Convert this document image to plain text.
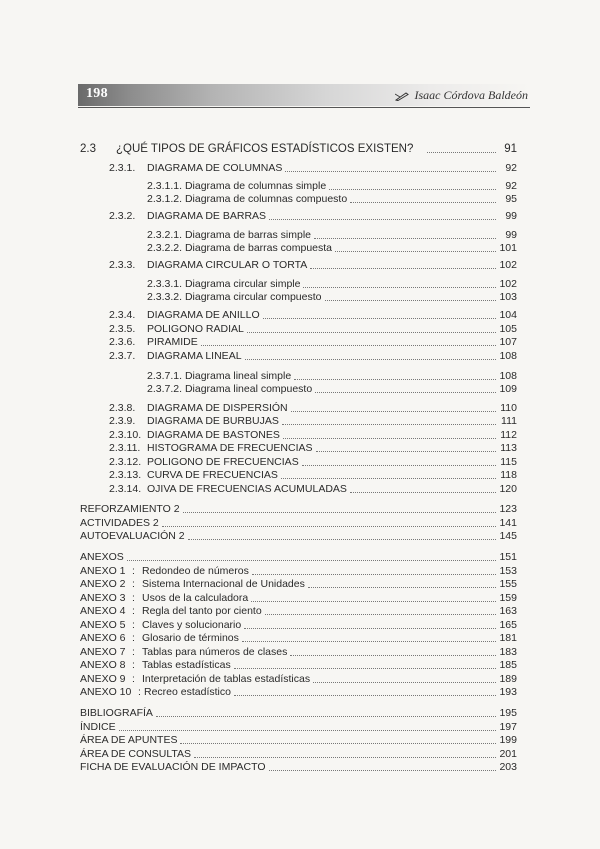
198	Isaac Córdova Baldeón
2.3	¿QUÉ TIPOS DE GRÁFICOS ESTADÍSTICOS EXISTEN?	91
2.3.1.	DIAGRAMA DE COLUMNAS	92
2.3.1.1. Diagrama de columnas simple	92
2.3.1.2. Diagrama de columnas compuesto	95
2.3.2.	DIAGRAMA DE BARRAS	99
2.3.2.1. Diagrama de barras simple	99
2.3.2.2. Diagrama de barras compuesta	101
2.3.3.	DIAGRAMA CIRCULAR O TORTA	102
2.3.3.1. Diagrama circular simple	102
2.3.3.2. Diagrama circular compuesto	103
2.3.4.	DIAGRAMA DE ANILLO	104
2.3.5.	POLIGONO RADIAL	105
2.3.6.	PIRAMIDE	107
2.3.7.	DIAGRAMA LINEAL	108
2.3.7.1. Diagrama lineal simple	108
2.3.7.2. Diagrama lineal compuesto	109
2.3.8.	DIAGRAMA DE DISPERSIÓN	110
2.3.9.	DIAGRAMA DE BURBUJAS	111
2.3.10. DIAGRAMA DE BASTONES	112
2.3.11. HISTOGRAMA DE FRECUENCIAS	113
2.3.12. POLIGONO DE FRECUENCIAS	115
2.3.13. CURVA DE FRECUENCIAS	118
2.3.14. OJIVA DE FRECUENCIAS ACUMULADAS	120
REFORZAMIENTO 2	123
ACTIVIDADES 2	141
AUTOEVALUACIÓN 2	145
ANEXOS	151
ANEXO 1 : Redondeo de números	153
ANEXO 2 : Sistema Internacional de Unidades	155
ANEXO 3 : Usos de la calculadora	159
ANEXO 4 : Regla del tanto por ciento	163
ANEXO 5 : Claves y solucionario	165
ANEXO 6 : Glosario de términos	181
ANEXO 7 : Tablas para números de clases	183
ANEXO 8 : Tablas estadísticas	185
ANEXO 9 : Interpretación de tablas estadísticas	189
ANEXO 10 : Recreo estadístico	193
BIBLIOGRAFÍA	195
ÍNDICE	197
ÁREA DE APUNTES	199
ÁREA DE CONSULTAS	201
FICHA DE EVALUACIÓN DE IMPACTO	203
